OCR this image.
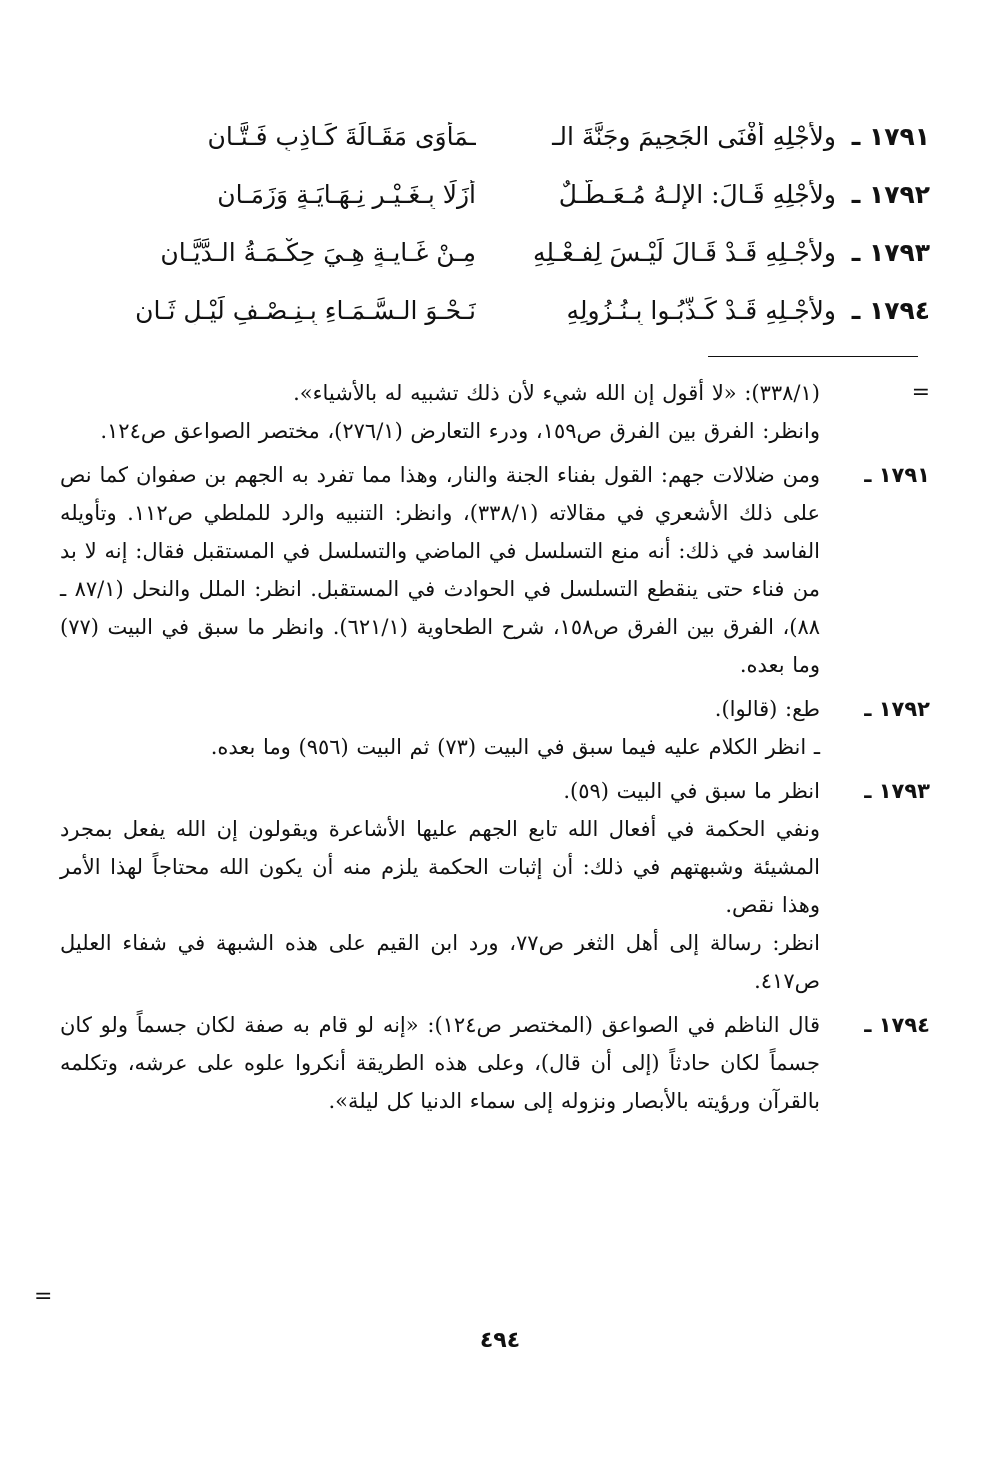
١٧٩١ ـ
ولأجْلِهِ أفْنَى الجَحِيمَ وجَنَّةَ الـ
ـمَأْوَى مَقَـالَةَ كَـاذِبٍ فَـتَّـانِ
١٧٩٢ ـ
ولأجْلِهِ قَـالَ: الإلـهُ مُـعَـطَّـلٌ
أزَلًا بِـغَـيْـرِ نِـهَـايَـةٍ وَزَمَـانِ
١٧٩٣ ـ
ولأجْـلِهِ قَـدْ قَـالَ لَيْـسَ لِفـعْـلِهِ
مِـنْ غَـايـةٍ هِـيَ حِكْـمَـةُ الـدَّيَّـانِ
١٧٩٤ ـ
ولأجْـلِهِ قَـدْ كَـذَّبُـوا بِـنُـزُولِهِ
نَـحْـوَ الـسَّـمَـاءِ بِـنِـصْـفِ لَيْـلٍ ثَـانِ
=

(٣٣٨/١): «لا أقول إن الله شيء لأن ذلك تشبيه له بالأشياء».

وانظر: الفرق بين الفرق ص١٥٩، ودرء التعارض (٢٧٦/١)، مختصر الصواعق ص١٢٤.

١٧٩١ ـ

ومن ضلالات جهم: القول بفناء الجنة والنار، وهذا مما تفرد به الجهم بن صفوان كما نص على ذلك الأشعري في مقالاته (٣٣٨/١)، وانظر: التنبيه والرد للملطي ص١١٢. وتأويله الفاسد في ذلك: أنه منع التسلسل في الماضي والتسلسل في المستقبل فقال: إنه لا بد من فناء حتى ينقطع التسلسل في الحوادث في المستقبل. انظر: الملل والنحل (٨٧/١ ـ ٨٨)، الفرق بين الفرق ص١٥٨، شرح الطحاوية (٦٢١/١). وانظر ما سبق في البيت (٧٧) وما بعده.

١٧٩٢ ـ

طع: (قالوا).

ـ انظر الكلام عليه فيما سبق في البيت (٧٣) ثم البيت (٩٥٦) وما بعده.

١٧٩٣ ـ

انظر ما سبق في البيت (٥٩).

ونفي الحكمة في أفعال الله تابع الجهم عليها الأشاعرة ويقولون إن الله يفعل بمجرد المشيئة وشبهتهم في ذلك: أن إثبات الحكمة يلزم منه أن يكون الله محتاجاً لهذا الأمر وهذا نقص.

انظر: رسالة إلى أهل الثغر ص٧٧، ورد ابن القيم على هذه الشبهة في شفاء العليل ص٤١٧.

١٧٩٤ ـ

قال الناظم في الصواعق (المختصر ص١٢٤): «إنه لو قام به صفة لكان جسماً ولو كان جسماً لكان حادثاً (إلى أن قال)، وعلى هذه الطريقة أنكروا علوه على عرشه، وتكلمه بالقرآن ورؤيته بالأبصار ونزوله إلى سماء الدنيا كل ليلة».

=
٤٩٤
